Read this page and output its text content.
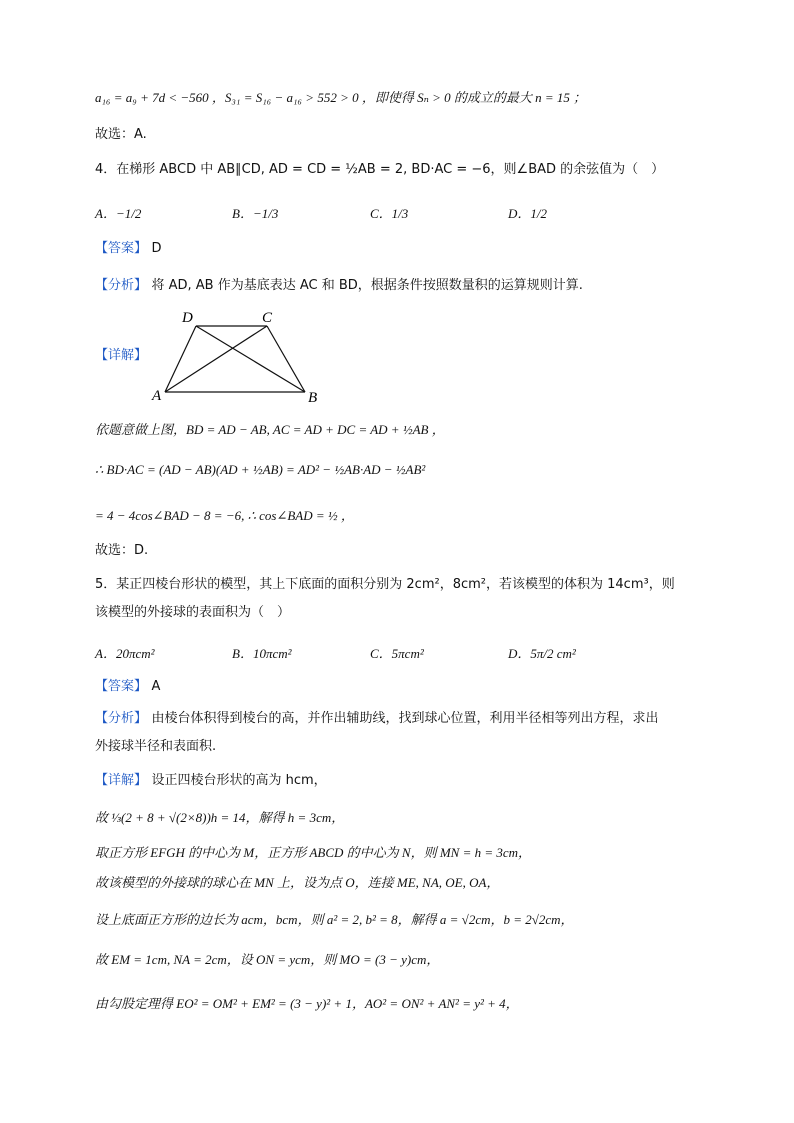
a₁₆ = a₉ + 7d < −560 ，S₃₁ = S₁₆ − a₁₆ > 552 > 0 ，即使得 Sₙ > 0 的成立的最大 n = 15 ；
故选：A.
4．在梯形 ABCD 中 AB∥CD, AD = CD = ½AB = 2, BD·AC = −6，则∠BAD 的余弦值为（　）
A．−1/2	B．−1/3	C．1/3	D．1/2
【答案】 D
【分析】 将 AD, AB 作为基底表达 AC 和 BD，根据条件按照数量积的运算规则计算.
【详解】
D	C
A	B
依题意做上图，BD = AD − AB, AC = AD + DC = AD + ½AB ，
∴ BD·AC = (AD − AB)(AD + ½AB) = AD² − ½AB·AD − ½AB²
= 4 − 4cos∠BAD − 8 = −6, ∴ cos∠BAD = ½ ，
故选：D.
5．某正四棱台形状的模型，其上下底面的面积分别为 2cm²，8cm²，若该模型的体积为 14cm³，则
该模型的外接球的表面积为（　）
A．20πcm²	B．10πcm²	C．5πcm²	D．5π/2 cm²
【答案】 A
【分析】 由棱台体积得到棱台的高，并作出辅助线，找到球心位置，利用半径相等列出方程，求出
外接球半径和表面积.
【详解】 设正四棱台形状的高为 hcm，
故 ⅓(2 + 8 + √(2×8))h = 14，解得 h = 3cm，
取正方形 EFGH 的中心为 M，正方形 ABCD 的中心为 N，则 MN = h = 3cm，
故该模型的外接球的球心在 MN 上，设为点 O，连接 ME, NA, OE, OA，
设上底面正方形的边长为 acm，bcm，则 a² = 2, b² = 8，解得 a = √2cm，b = 2√2cm，
故 EM = 1cm, NA = 2cm，设 ON = ycm，则 MO = (3 − y)cm，
由勾股定理得 EO² = OM² + EM² = (3 − y)² + 1，AO² = ON² + AN² = y² + 4，
